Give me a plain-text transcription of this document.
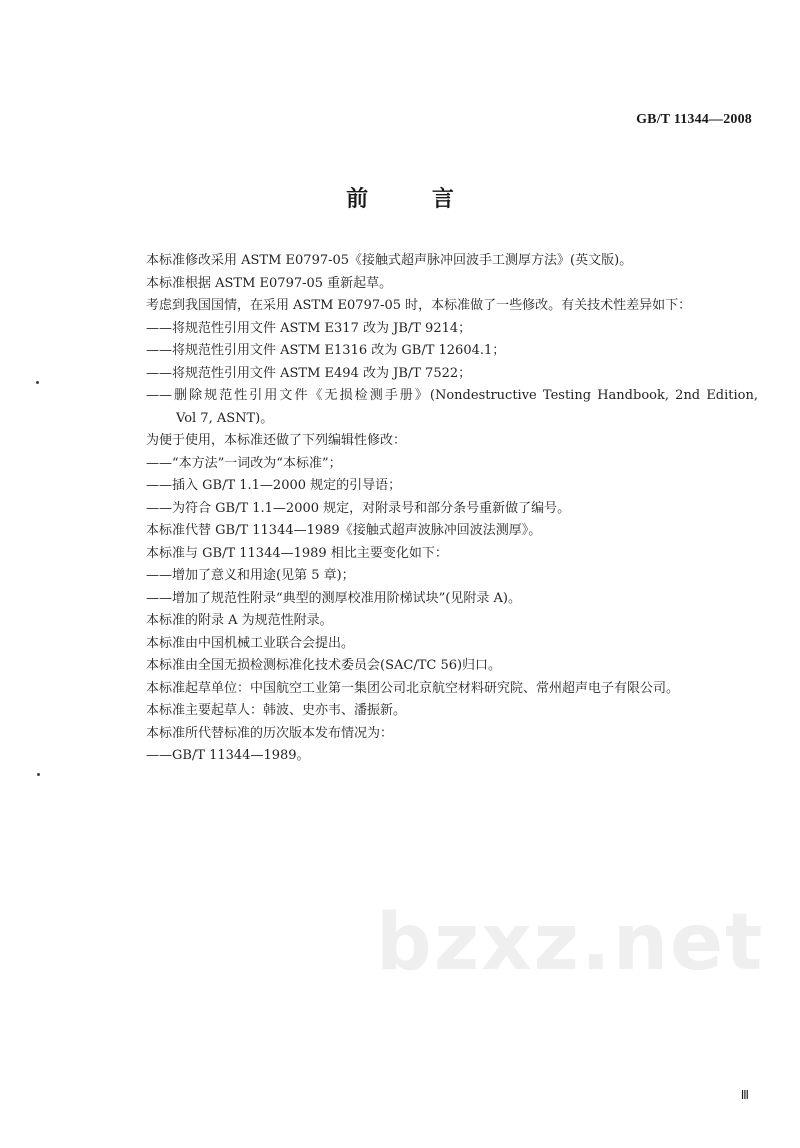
GB/T 11344—2008
前 言
本标准修改采用 ASTM E0797-05《接触式超声脉冲回波手工测厚方法》(英文版)。
本标准根据 ASTM E0797-05 重新起草。
考虑到我国国情，在采用 ASTM E0797-05 时，本标准做了一些修改。有关技术性差异如下：
——将规范性引用文件 ASTM E317 改为 JB/T 9214；
——将规范性引用文件 ASTM E1316 改为 GB/T 12604.1；
——将规范性引用文件 ASTM E494 改为 JB/T 7522；
——删除规范性引用文件《无损检测手册》(Nondestructive Testing Handbook, 2nd Edition,
Vol 7, ASNT)。
为便于使用，本标准还做了下列编辑性修改：
——“本方法”一词改为“本标准”；
——插入 GB/T 1.1—2000 规定的引导语；
——为符合 GB/T 1.1—2000 规定，对附录号和部分条号重新做了编号。
本标准代替 GB/T 11344—1989《接触式超声波脉冲回波法测厚》。
本标准与 GB/T 11344—1989 相比主要变化如下：
——增加了意义和用途(见第 5 章)；
——增加了规范性附录“典型的测厚校准用阶梯试块”(见附录 A)。
本标准的附录 A 为规范性附录。
本标准由中国机械工业联合会提出。
本标准由全国无损检测标准化技术委员会(SAC/TC 56)归口。
本标准起草单位：中国航空工业第一集团公司北京航空材料研究院、常州超声电子有限公司。
本标准主要起草人：韩波、史亦韦、潘振新。
本标准所代替标准的历次版本发布情况为：
——GB/T 11344—1989。
bzxz.net
Ⅲ
